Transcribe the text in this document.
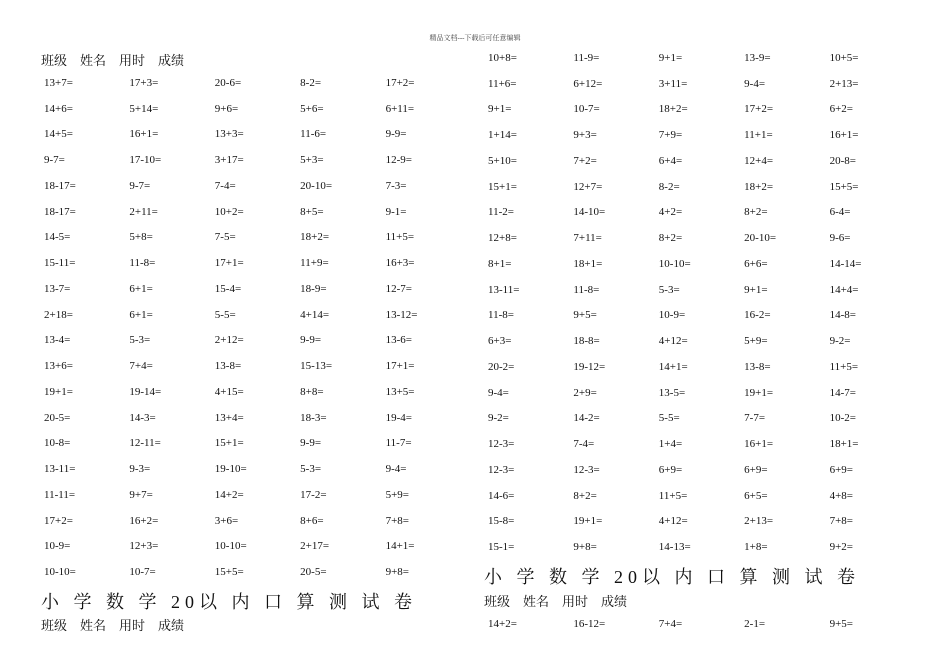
精品文档---下载后可任意编辑
班级 姓名 用时 成绩
13+7=	17+3=	20-6=	8-2=	17+2=
14+6=	5+14=	9+6=	5+6=	6+11=
14+5=	16+1=	13+3=	11-6=	9-9=
9-7=	17-10=	3+17=	5+3=	12-9=
18-17=	9-7=	7-4=	20-10=	7-3=
18-17=	2+11=	10+2=	8+5=	9-1=
14-5=	5+8=	7-5=	18+2=	11+5=
15-11=	11-8=	17+1=	11+9=	16+3=
13-7=	6+1=	15-4=	18-9=	12-7=
2+18=	6+1=	5-5=	4+14=	13-12=
13-4=	5-3=	2+12=	9-9=	13-6=
13+6=	7+4=	13-8=	15-13=	17+1=
19+1=	19-14=	4+15=	8+8=	13+5=
20-5=	14-3=	13+4=	18-3=	19-4=
10-8=	12-11=	15+1=	9-9=	11-7=
13-11=	9-3=	19-10=	5-3=	9-4=
11-11=	9+7=	14+2=	17-2=	5+9=
17+2=	16+2=	3+6=	8+6=	7+8=
10-9=	12+3=	10-10=	2+17=	14+1=
10-10=	10-7=	15+5=	20-5=	9+8=
小 学 数 学 20以 内 口 算 测 试 卷
班级 姓名 用时 成绩
10+8=	11-9=	9+1=	13-9=	10+5=
11+6=	6+12=	3+11=	9-4=	2+13=
9+1=	10-7=	18+2=	17+2=	6+2=
1+14=	9+3=	7+9=	11+1=	16+1=
5+10=	7+2=	6+4=	12+4=	20-8=
15+1=	12+7=	8-2=	18+2=	15+5=
11-2=	14-10=	4+2=	8+2=	6-4=
12+8=	7+11=	8+2=	20-10=	9-6=
8+1=	18+1=	10-10=	6+6=	14-14=
13-11=	11-8=	5-3=	9+1=	14+4=
11-8=	9+5=	10-9=	16-2=	14-8=
6+3=	18-8=	4+12=	5+9=	9-2=
20-2=	19-12=	14+1=	13-8=	11+5=
9-4=	2+9=	13-5=	19+1=	14-7=
9-2=	14-2=	5-5=	7-7=	10-2=
12-3=	7-4=	1+4=	16+1=	18+1=
12-3=	12-3=	6+9=	6+9=	6+9=
14-6=	8+2=	11+5=	6+5=	4+8=
15-8=	19+1=	4+12=	2+13=	7+8=
15-1=	9+8=	14-13=	1+8=	9+2=
小 学 数 学 20以 内 口 算 测 试 卷
班级 姓名 用时 成绩
14+2=	16-12=	7+4=	2-1=	9+5=
